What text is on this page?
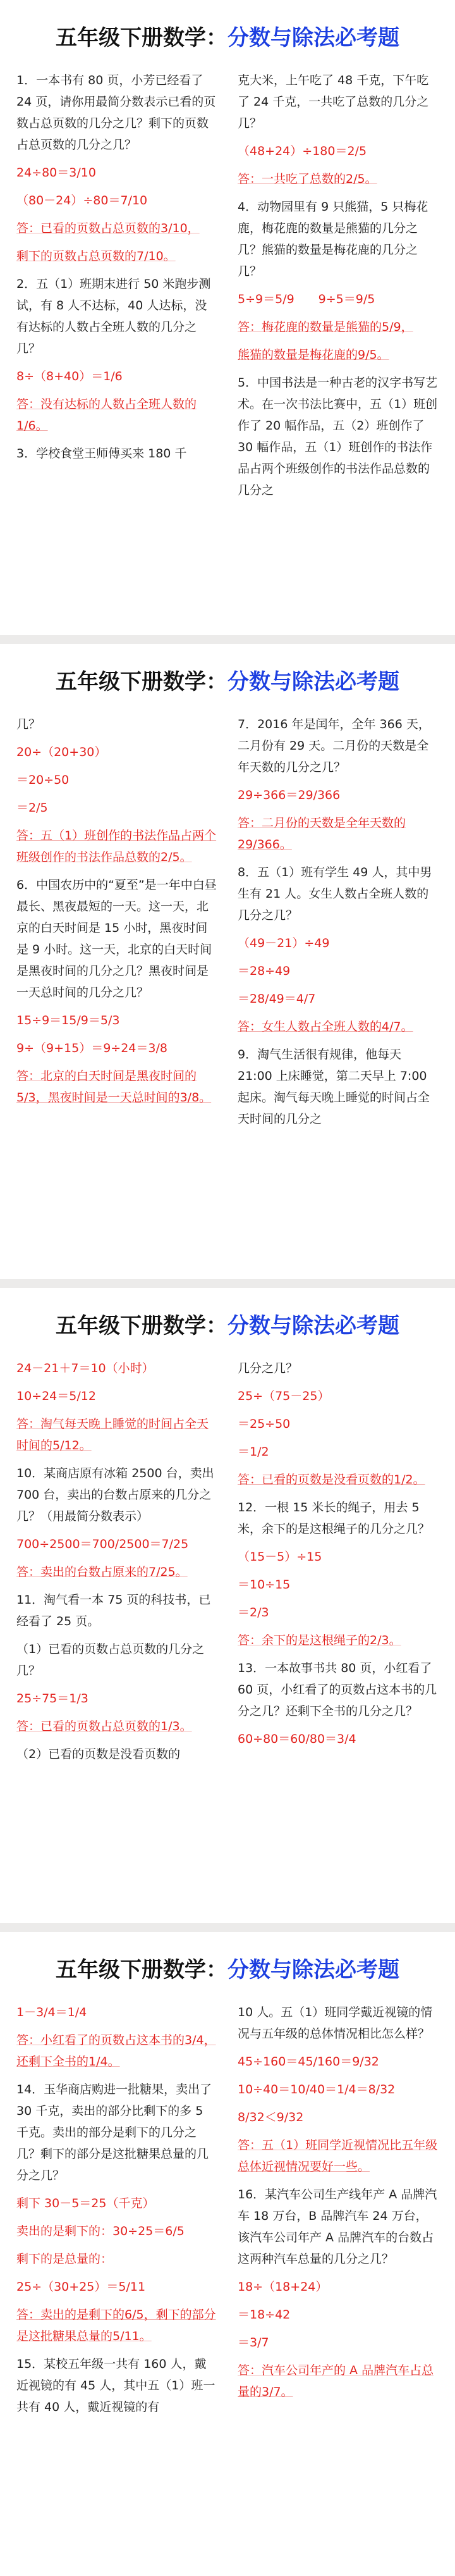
五年级下册数学：分数与除法必考题
1．一本书有 80 页，小芳已经看了 24 页，请你用最简分数表示已看的页数占总页数的几分之几？剩下的页数占总页数的几分之几？
24÷80＝3/10
（80－24）÷80＝7/10
答：已看的页数占总页数的3/10，
剩下的页数占总页数的7/10。
2．五（1）班期末进行 50 米跑步测试，有 8 人不达标，40 人达标，没有达标的人数占全班人数的几分之几？
8÷（8+40）＝1/6
答：没有达标的人数占全班人数的1/6。
3．学校食堂王师傅买来 180 千
克大米，上午吃了 48 千克，下午吃了 24 千克，一共吃了总数的几分之几？
（48+24）÷180＝2/5
答：一共吃了总数的2/5。
4．动物园里有 9 只熊猫，5 只梅花鹿，梅花鹿的数量是熊猫的几分之几？熊猫的数量是梅花鹿的几分之几？
5÷9＝5/9　　9÷5＝9/5
答：梅花鹿的数量是熊猫的5/9，
熊猫的数量是梅花鹿的9/5。
5．中国书法是一种古老的汉字书写艺术。在一次书法比赛中，五（1）班创作了 20 幅作品，五（2）班创作了 30 幅作品，五（1）班创作的书法作品占两个班级创作的书法作品总数的几分之
五年级下册数学：分数与除法必考题
几？
20÷（20+30）
＝20÷50
＝2/5
答：五（1）班创作的书法作品占两个班级创作的书法作品总数的2/5。
6．中国农历中的“夏至”是一年中白昼最长、黑夜最短的一天。这一天，北京的白天时间是 15 小时，黑夜时间是 9 小时。这一天，北京的白天时间是黑夜时间的几分之几？黑夜时间是一天总时间的几分之几？
15÷9＝15/9＝5/3
9÷（9+15）＝9÷24＝3/8
答：北京的白天时间是黑夜时间的5/3，黑夜时间是一天总时间的3/8。
7．2016 年是闰年，全年 366 天，二月份有 29 天。二月份的天数是全年天数的几分之几？
29÷366＝29/366
答：二月份的天数是全年天数的29/366。
8．五（1）班有学生 49 人，其中男生有 21 人。女生人数占全班人数的几分之几？
（49－21）÷49
＝28÷49
＝28/49＝4/7
答：女生人数占全班人数的4/7。
9．淘气生活很有规律，他每天 21:00 上床睡觉，第二天早上 7:00 起床。淘气每天晚上睡觉的时间占全天时间的几分之
五年级下册数学：分数与除法必考题
24－21＋7＝10（小时）
10÷24＝5/12
答：淘气每天晚上睡觉的时间占全天时间的5/12。
10．某商店原有冰箱 2500 台，卖出 700 台，卖出的台数占原来的几分之几？（用最简分数表示）
700÷2500＝700/2500＝7/25
答：卖出的台数占原来的7/25。
11．淘气看一本 75 页的科技书，已经看了 25 页。
（1）已看的页数占总页数的几分之几？
25÷75＝1/3
答：已看的页数占总页数的1/3。
（2）已看的页数是没看页数的
几分之几？
25÷（75－25）
＝25÷50
＝1/2
答：已看的页数是没看页数的1/2。
12．一根 15 米长的绳子，用去 5 米，余下的是这根绳子的几分之几？
（15－5）÷15
＝10÷15
＝2/3
答：余下的是这根绳子的2/3。
13．一本故事书共 80 页，小红看了 60 页，小红看了的页数占这本书的几分之几？还剩下全书的几分之几？
60÷80＝60/80＝3/4
五年级下册数学：分数与除法必考题
1－3/4＝1/4
答：小红看了的页数占这本书的3/4，还剩下全书的1/4。
14．玉华商店购进一批糖果，卖出了 30 千克，卖出的部分比剩下的多 5 千克。卖出的部分是剩下的几分之几？剩下的部分是这批糖果总量的几分之几？
剩下 30－5＝25（千克）
卖出的是剩下的：30÷25＝6/5
剩下的是总量的：
25÷（30+25）＝5/11
答：卖出的是剩下的6/5，剩下的部分是这批糖果总量的5/11。
15．某校五年级一共有 160 人，戴近视镜的有 45 人，其中五（1）班一共有 40 人，戴近视镜的有
10 人。五（1）班同学戴近视镜的情况与五年级的总体情况相比怎么样？
45÷160＝45/160＝9/32
10÷40＝10/40＝1/4＝8/32
8/32＜9/32
答：五（1）班同学近视情况比五年级总体近视情况要好一些。
16．某汽车公司生产线年产 A 品牌汽车 18 万台，B 品牌汽车 24 万台，该汽车公司年产 A 品牌汽车的台数占这两种汽车总量的几分之几？
18÷（18+24）
＝18÷42
＝3/7
答：汽车公司年产的 A 品牌汽车占总量的3/7。
